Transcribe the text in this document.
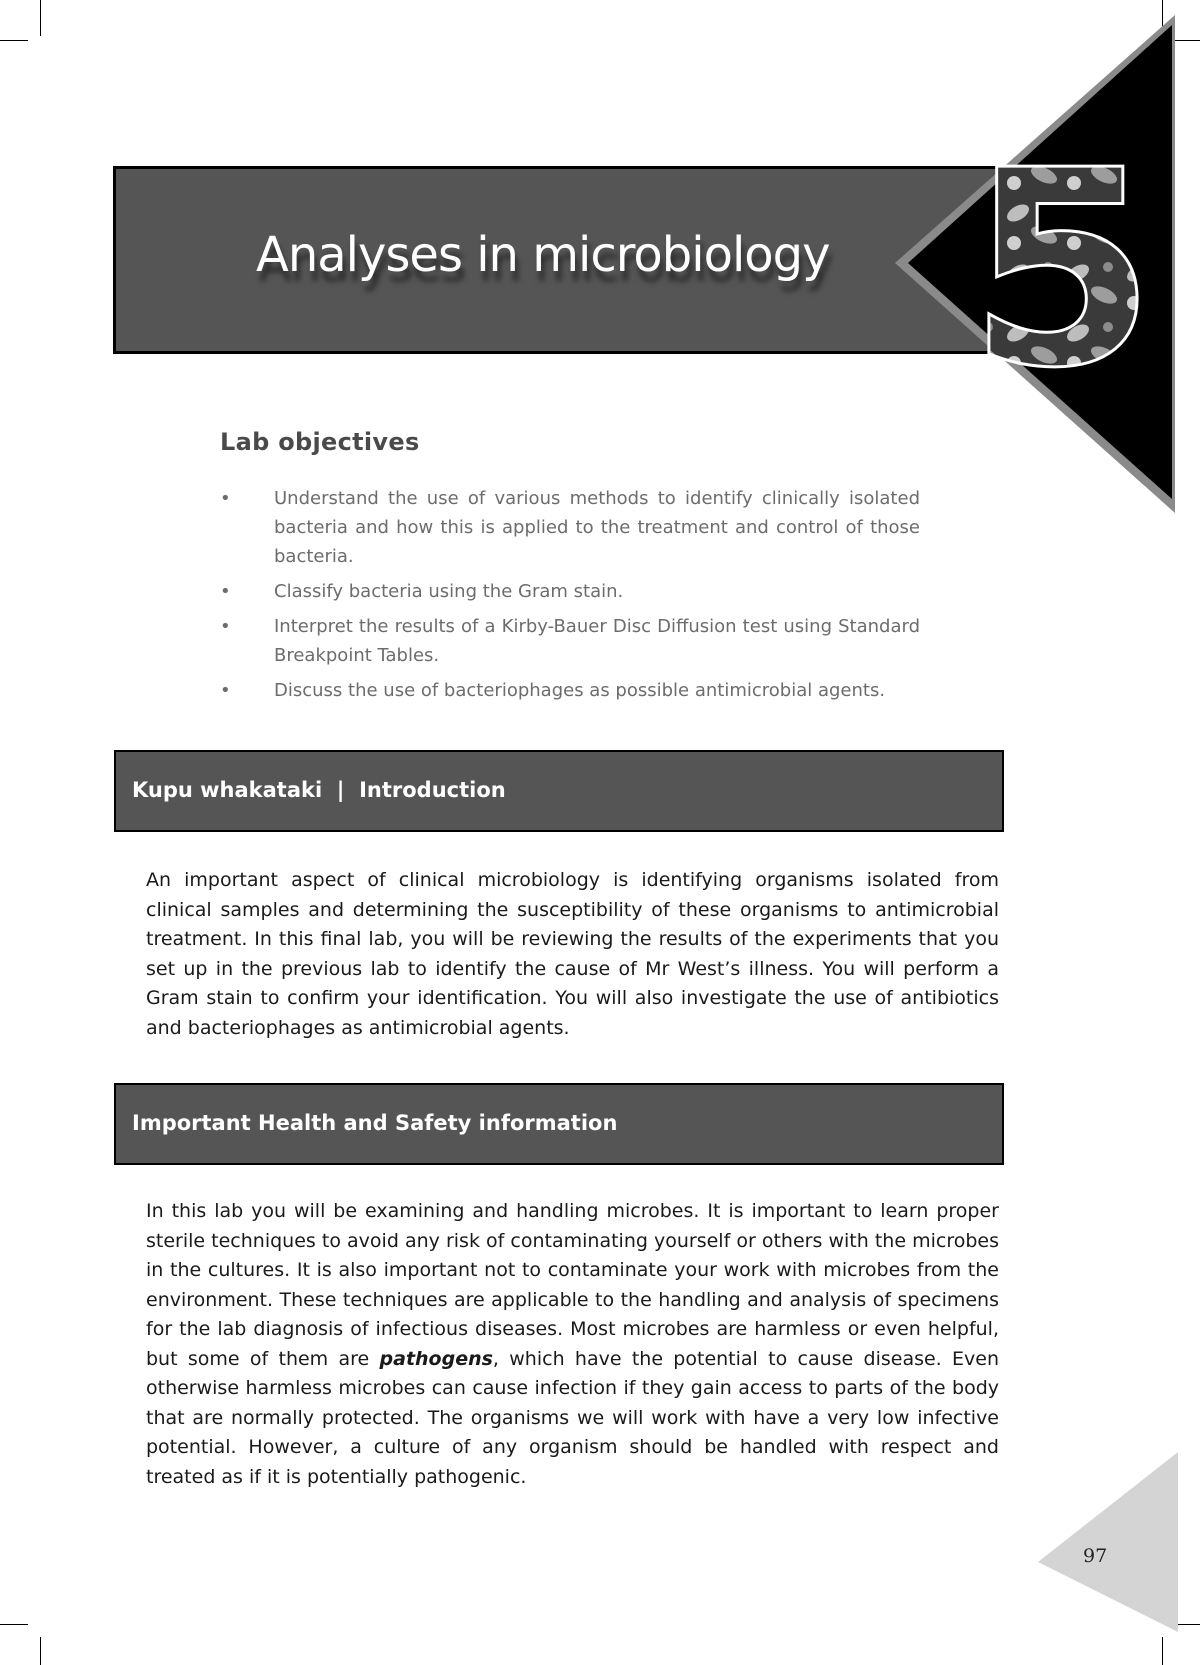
Analyses in microbiology 5
Lab objectives
• Understand the use of various methods to identify clinically isolated bacteria and how this is applied to the treatment and control of those bacteria.
• Classify bacteria using the Gram stain.
• Interpret the results of a Kirby-Bauer Disc Diffusion test using Standard Breakpoint Tables.
• Discuss the use of bacteriophages as possible antimicrobial agents.
Kupu whakataki  |  Introduction

An important aspect of clinical microbiology is identifying organisms isolated from clinical samples and determining the susceptibility of these organisms to antimicrobial treatment. In this final lab, you will be reviewing the results of the experiments that you set up in the previous lab to identify the cause of Mr West’s illness. You will perform a Gram stain to confirm your identification. You will also investigate the use of antibiotics and bacteriophages as antimicrobial agents.

Important Health and Safety information

In this lab you will be examining and handling microbes. It is important to learn proper sterile techniques to avoid any risk of contaminating yourself or others with the microbes in the cultures. It is also important not to contaminate your work with microbes from the environment. These techniques are applicable to the handling and analysis of specimens for the lab diagnosis of infectious diseases. Most microbes are harmless or even helpful, but some of them are pathogens, which have the potential to cause disease. Even otherwise harmless microbes can cause infection if they gain access to parts of the body that are normally protected. The organisms we will work with have a very low infective potential. However, a culture of any organism should be handled with respect and treated as if it is potentially pathogenic.

97
